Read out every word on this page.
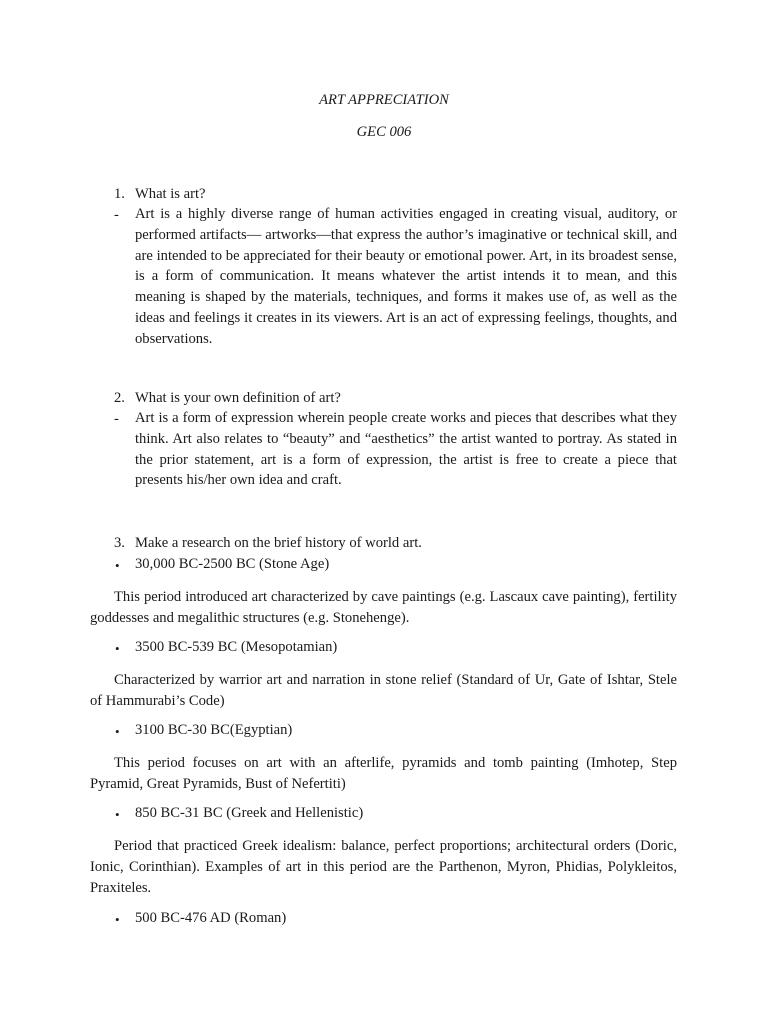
ART APPRECIATION
GEC 006
1. What is art?
- Art is a highly diverse range of human activities engaged in creating visual, auditory, or performed artifacts— artworks—that express the author’s imaginative or technical skill, and are intended to be appreciated for their beauty or emotional power. Art, in its broadest sense, is a form of communication. It means whatever the artist intends it to mean, and this meaning is shaped by the materials, techniques, and forms it makes use of, as well as the ideas and feelings it creates in its viewers. Art is an act of expressing feelings, thoughts, and observations.
2. What is your own definition of art?
- Art is a form of expression wherein people create works and pieces that describes what they think. Art also relates to “beauty” and “aesthetics” the artist wanted to portray. As stated in the prior statement, art is a form of expression, the artist is free to create a piece that presents his/her own idea and craft.
3. Make a research on the brief history of world art.
• 30,000 BC-2500 BC (Stone Age)
This period introduced art characterized by cave paintings (e.g. Lascaux cave painting), fertility goddesses and megalithic structures (e.g. Stonehenge).
• 3500 BC-539 BC (Mesopotamian)
Characterized by warrior art and narration in stone relief (Standard of Ur, Gate of Ishtar, Stele of Hammurabi’s Code)
• 3100 BC-30 BC(Egyptian)
This period focuses on art with an afterlife, pyramids and tomb painting (Imhotep, Step Pyramid, Great Pyramids, Bust of Nefertiti)
• 850 BC-31 BC (Greek and Hellenistic)
Period that practiced Greek idealism: balance, perfect proportions; architectural orders (Doric, Ionic, Corinthian). Examples of art in this period are the Parthenon, Myron, Phidias, Polykleitos, Praxiteles.
• 500 BC-476 AD (Roman)
